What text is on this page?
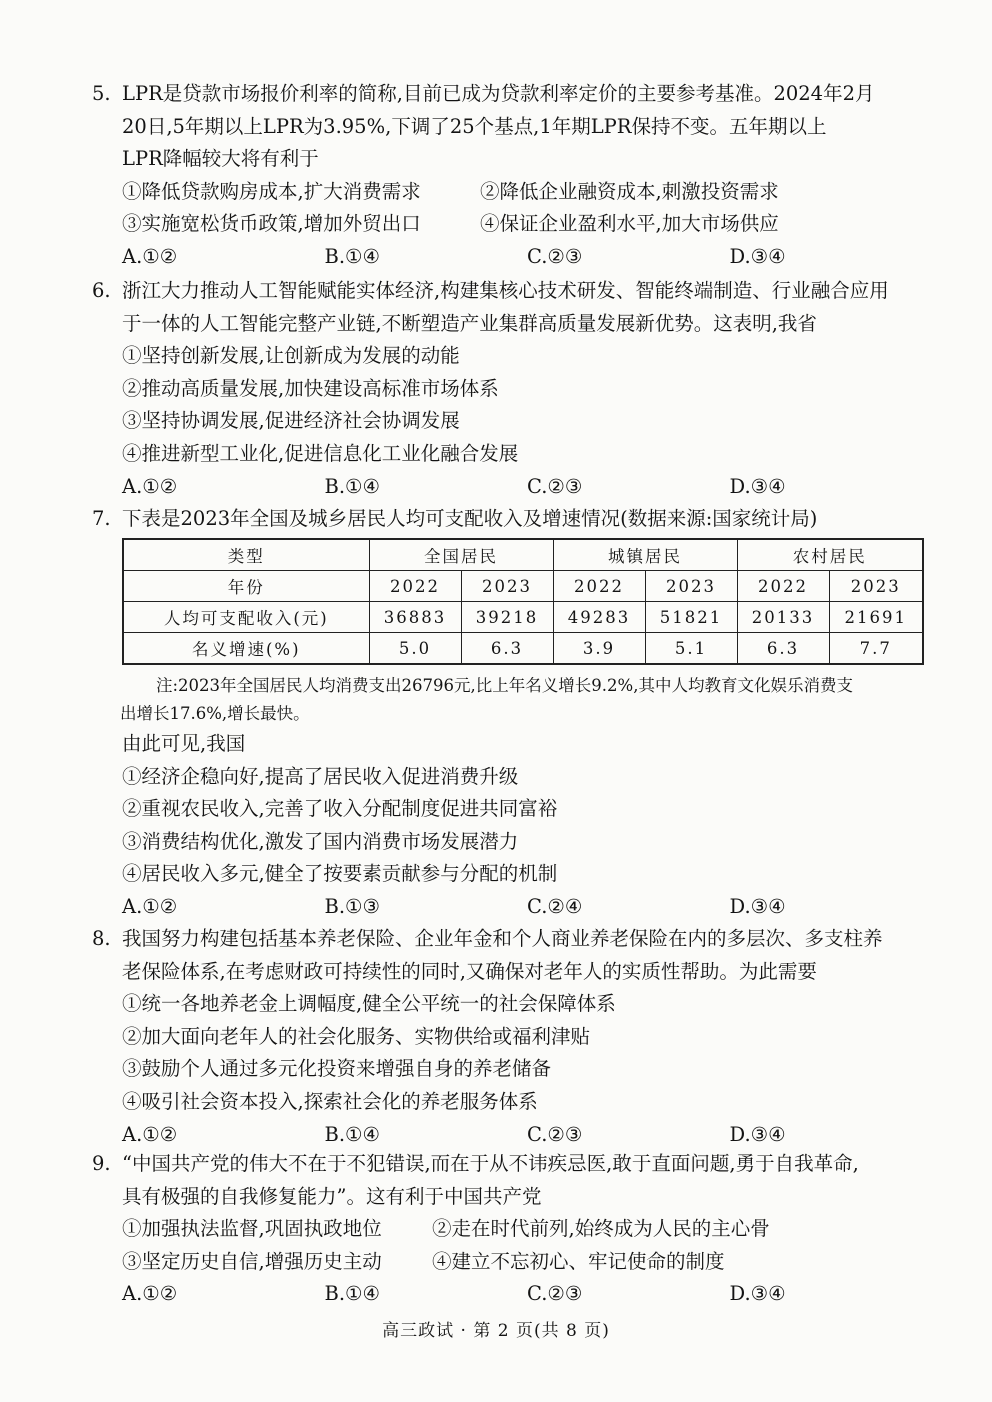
5. LPR是贷款市场报价利率的简称,目前已成为贷款利率定价的主要参考基准。2024年2月
20日,5年期以上LPR为3.95%,下调了25个基点,1年期LPR保持不变。五年期以上
LPR降幅较大将有利于
①降低贷款购房成本,扩大消费需求	②降低企业融资成本,刺激投资需求
③实施宽松货币政策,增加外贸出口	④保证企业盈利水平,加大市场供应
A.①②	B.①④	C.②③	D.③④
6. 浙江大力推动人工智能赋能实体经济,构建集核心技术研发、智能终端制造、行业融合应用
于一体的人工智能完整产业链,不断塑造产业集群高质量发展新优势。这表明,我省
①坚持创新发展,让创新成为发展的动能
②推动高质量发展,加快建设高标准市场体系
③坚持协调发展,促进经济社会协调发展
④推进新型工业化,促进信息化工业化融合发展
A.①②	B.①④	C.②③	D.③④
7. 下表是2023年全国及城乡居民人均可支配收入及增速情况(数据来源:国家统计局)
类型	全国居民		城镇居民		农村居民	
年份	2022	2023	2022	2023	2022	2023
人均可支配收入(元)	36883	39218	49283	51821	20133	21691
名义增速(%)	5.0	6.3	3.9	5.1	6.3	7.7
注:2023年全国居民人均消费支出26796元,比上年名义增长9.2%,其中人均教育文化娱乐消费支
出增长17.6%,增长最快。
由此可见,我国
①经济企稳向好,提高了居民收入促进消费升级
②重视农民收入,完善了收入分配制度促进共同富裕
③消费结构优化,激发了国内消费市场发展潜力
④居民收入多元,健全了按要素贡献参与分配的机制
A.①②	B.①③	C.②④	D.③④
8. 我国努力构建包括基本养老保险、企业年金和个人商业养老保险在内的多层次、多支柱养
老保险体系,在考虑财政可持续性的同时,又确保对老年人的实质性帮助。为此需要
①统一各地养老金上调幅度,健全公平统一的社会保障体系
②加大面向老年人的社会化服务、实物供给或福利津贴
③鼓励个人通过多元化投资来增强自身的养老储备
④吸引社会资本投入,探索社会化的养老服务体系
A.①②	B.①④	C.②③	D.③④
9. “中国共产党的伟大不在于不犯错误,而在于从不讳疾忌医,敢于直面问题,勇于自我革命,
具有极强的自我修复能力”。这有利于中国共产党
①加强执法监督,巩固执政地位	②走在时代前列,始终成为人民的主心骨
③坚定历史自信,增强历史主动	④建立不忘初心、牢记使命的制度
A.①②	B.①④	C.②③	D.③④
高三政试 · 第 2 页(共 8 页)
